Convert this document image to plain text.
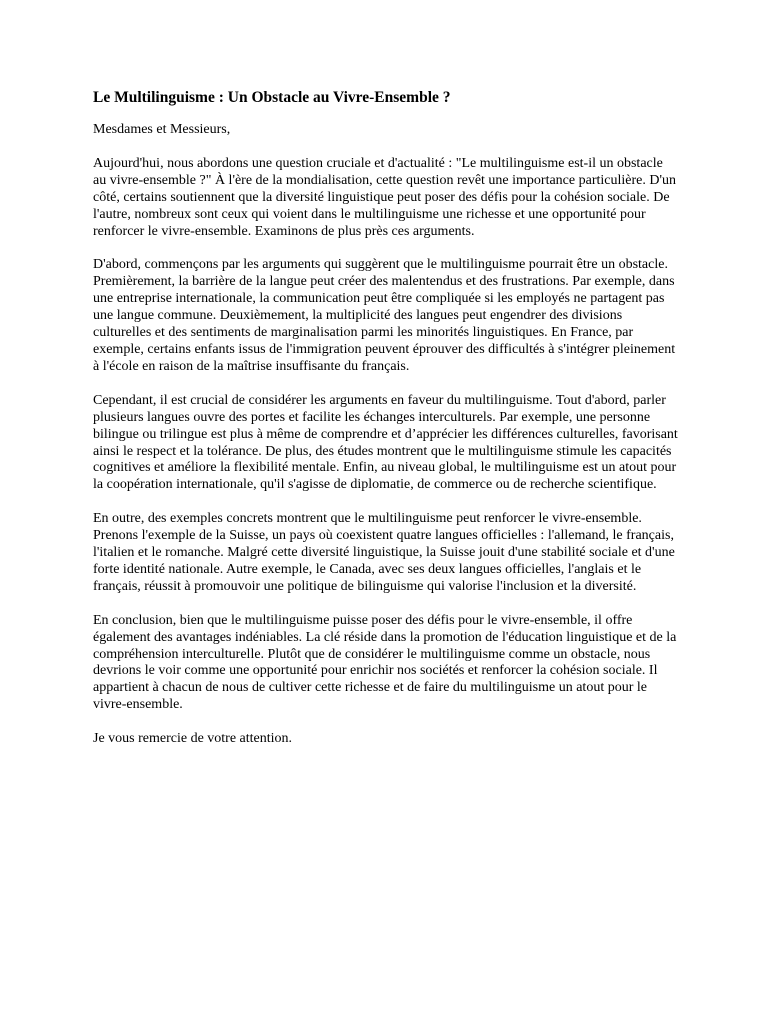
Le Multilinguisme : Un Obstacle au Vivre-Ensemble ?

Mesdames et Messieurs,

Aujourd'hui, nous abordons une question cruciale et d'actualité : "Le multilinguisme est-il un obstacle au vivre-ensemble ?" À l'ère de la mondialisation, cette question revêt une importance particulière. D'un côté, certains soutiennent que la diversité linguistique peut poser des défis pour la cohésion sociale. De l'autre, nombreux sont ceux qui voient dans le multilinguisme une richesse et une opportunité pour renforcer le vivre-ensemble. Examinons de plus près ces arguments.

D'abord, commençons par les arguments qui suggèrent que le multilinguisme pourrait être un obstacle. Premièrement, la barrière de la langue peut créer des malentendus et des frustrations. Par exemple, dans une entreprise internationale, la communication peut être compliquée si les employés ne partagent pas une langue commune. Deuxièmement, la multiplicité des langues peut engendrer des divisions culturelles et des sentiments de marginalisation parmi les minorités linguistiques. En France, par exemple, certains enfants issus de l'immigration peuvent éprouver des difficultés à s'intégrer pleinement à l'école en raison de la maîtrise insuffisante du français.

Cependant, il est crucial de considérer les arguments en faveur du multilinguisme. Tout d'abord, parler plusieurs langues ouvre des portes et facilite les échanges interculturels. Par exemple, une personne bilingue ou trilingue est plus à même de comprendre et d’apprécier les différences culturelles, favorisant ainsi le respect et la tolérance. De plus, des études montrent que le multilinguisme stimule les capacités cognitives et améliore la flexibilité mentale. Enfin, au niveau global, le multilinguisme est un atout pour la coopération internationale, qu'il s'agisse de diplomatie, de commerce ou de recherche scientifique.

En outre, des exemples concrets montrent que le multilinguisme peut renforcer le vivre-ensemble. Prenons l'exemple de la Suisse, un pays où coexistent quatre langues officielles : l'allemand, le français, l'italien et le romanche. Malgré cette diversité linguistique, la Suisse jouit d'une stabilité sociale et d'une forte identité nationale. Autre exemple, le Canada, avec ses deux langues officielles, l'anglais et le français, réussit à promouvoir une politique de bilinguisme qui valorise l'inclusion et la diversité.

En conclusion, bien que le multilinguisme puisse poser des défis pour le vivre-ensemble, il offre également des avantages indéniables. La clé réside dans la promotion de l'éducation linguistique et de la compréhension interculturelle. Plutôt que de considérer le multilinguisme comme un obstacle, nous devrions le voir comme une opportunité pour enrichir nos sociétés et renforcer la cohésion sociale. Il appartient à chacun de nous de cultiver cette richesse et de faire du multilinguisme un atout pour le vivre-ensemble.

Je vous remercie de votre attention.
